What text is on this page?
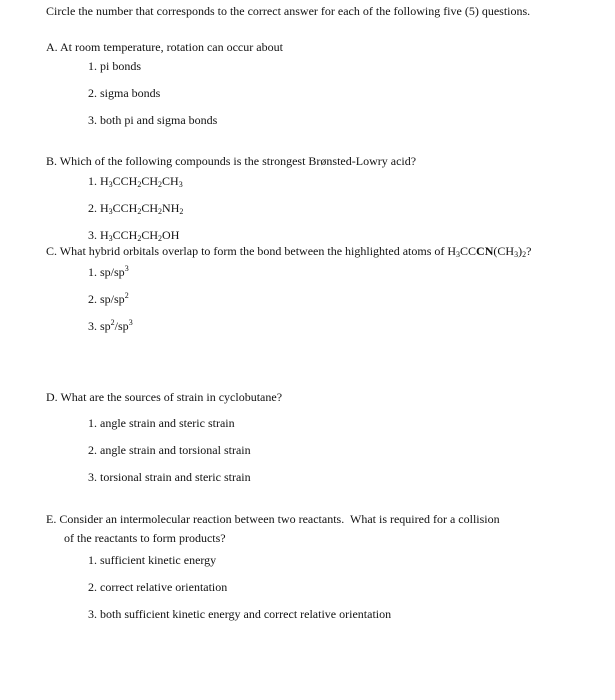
Circle the number that corresponds to the correct answer for each of the following five (5) questions.
A. At room temperature, rotation can occur about
1. pi bonds
2. sigma bonds
3. both pi and sigma bonds
B. Which of the following compounds is the strongest Brønsted-Lowry acid?
1. $H_3CCH_2CH_2CH_3$
2. $H_3CCH_2CH_2NH_2$
3. $H_3CCH_2CH_2OH$
C. What hybrid orbitals overlap to form the bond between the highlighted atoms of $H_3CCCN(CH_3)_2$?
1. $sp/sp^3$
2. $sp/sp^2$
3. $sp^2/sp^3$
D. What are the sources of strain in cyclobutane?
1. angle strain and steric strain
2. angle strain and torsional strain
3. torsional strain and steric strain
E. Consider an intermolecular reaction between two reactants.  What is required for a collision
of the reactants to form products?
1. sufficient kinetic energy
2. correct relative orientation
3. both sufficient kinetic energy and correct relative orientation
